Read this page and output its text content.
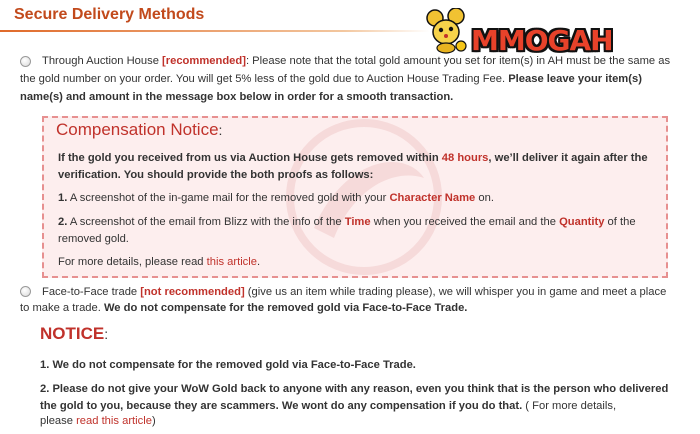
Secure Delivery Methods
MMOGAH
Through Auction House [recommended]: Please note that the total gold amount you set for item(s) in AH must be the same as
the gold number on your order. You will get 5% less of the gold due to Auction House Trading Fee. Please leave your item(s)
name(s) and amount in the message box below in order for a smooth transaction.
Compensation Notice:
If the gold you received from us via Auction House gets removed within 48 hours, we’ll deliver it again after the
verification. You should provide the both proofs as follows:
1. A screenshot of the in-game mail for the removed gold with your Character Name on.
2. A screenshot of the email from Blizz with the info of the Time when you received the email and the Quantity of the
removed gold.
For more details, please read this article.
Face-to-Face trade [not recommended] (give us an item while trading please), we will whisper you in game and meet a place
to make a trade. We do not compensate for the removed gold via Face-to-Face Trade.
NOTICE:
1. We do not compensate for the removed gold via Face-to-Face Trade.
2. Please do not give your WoW Gold back to anyone with any reason, even you think that is the person who delivered
the gold to you, because they are scammers. We wont do any compensation if you do that. ( For more details,
please read this article)
